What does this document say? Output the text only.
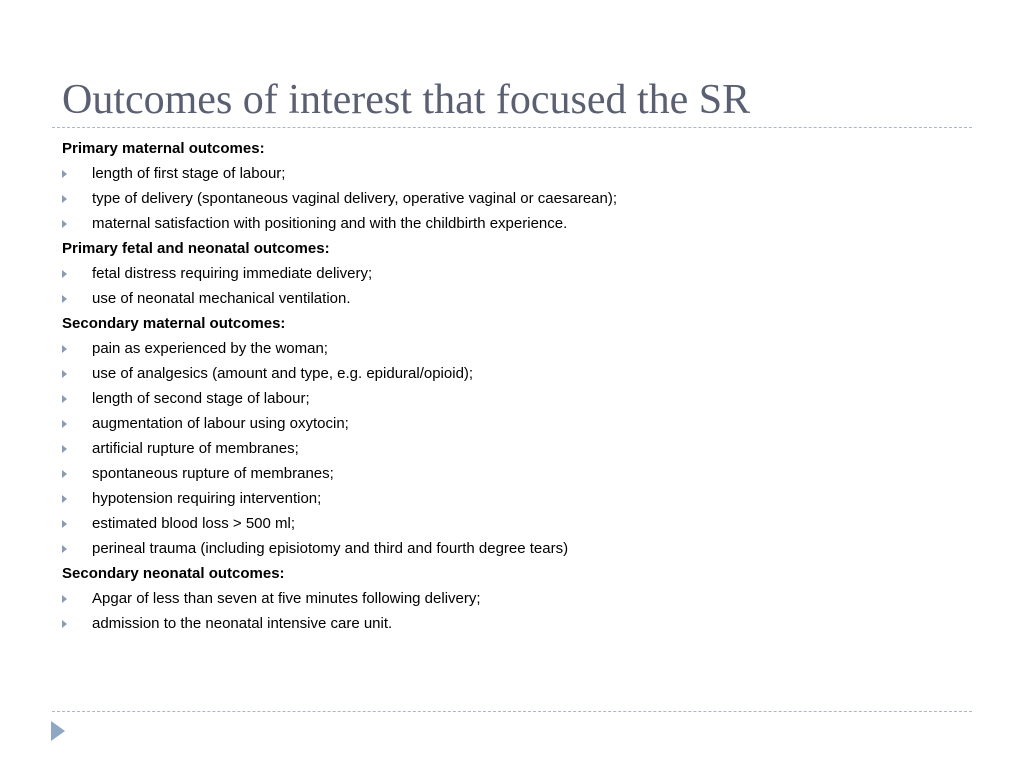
Outcomes of interest that focused the SR
Primary maternal outcomes:
length of first stage of labour;
type of delivery (spontaneous vaginal delivery, operative vaginal or caesarean);
maternal satisfaction with positioning and with the childbirth experience.
Primary fetal and neonatal outcomes:
fetal distress requiring immediate delivery;
use of neonatal mechanical ventilation.
Secondary maternal outcomes:
pain as experienced by the woman;
use of analgesics (amount and type, e.g. epidural/opioid);
length of second stage of labour;
augmentation of labour using oxytocin;
artificial rupture of membranes;
spontaneous rupture of membranes;
hypotension requiring intervention;
estimated blood loss > 500 ml;
perineal trauma (including episiotomy and third and fourth degree tears)
Secondary neonatal outcomes:
Apgar of less than seven at five minutes following delivery;
admission to the neonatal intensive care unit.
